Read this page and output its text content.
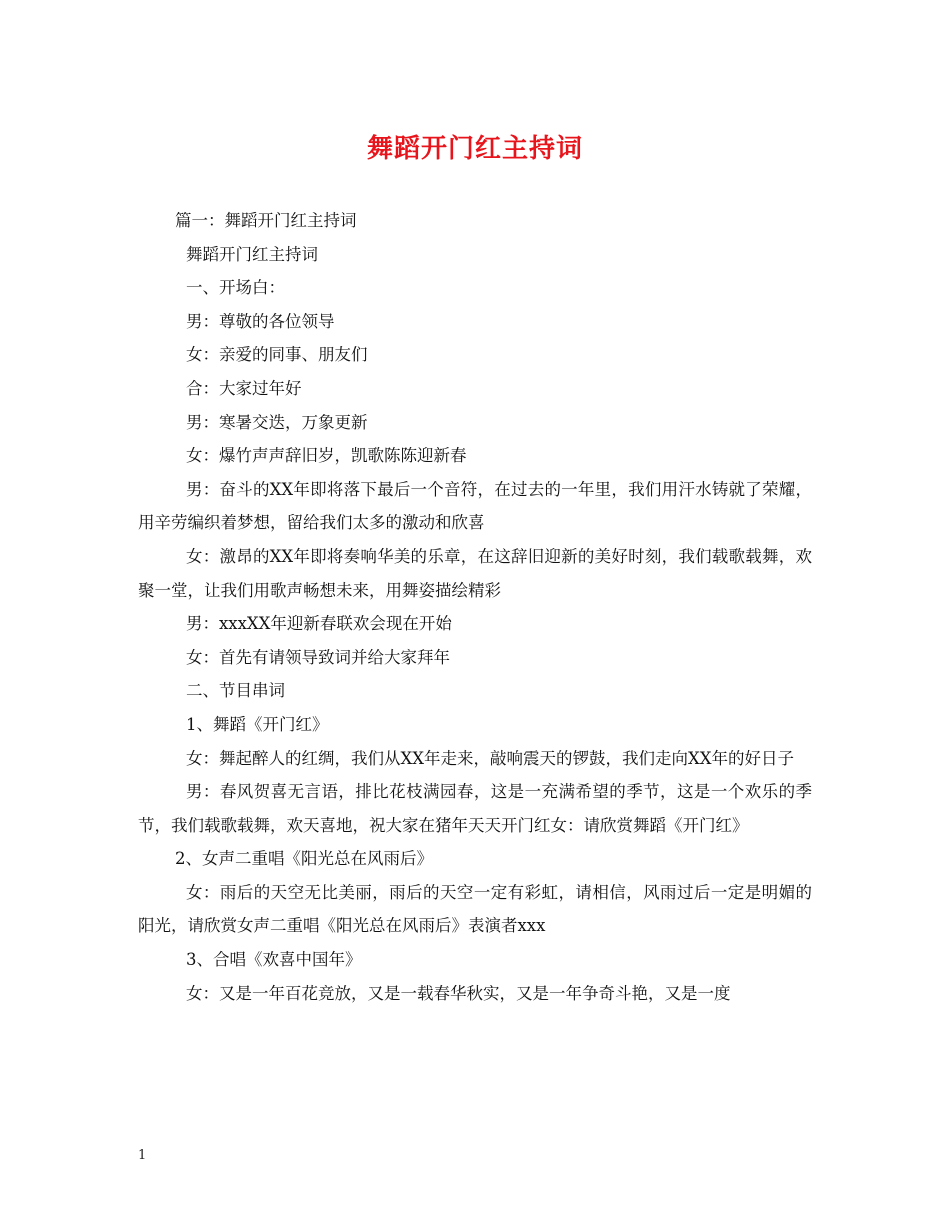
舞蹈开门红主持词

篇一：舞蹈开门红主持词

舞蹈开门红主持词

一、开场白：

男：尊敬的各位领导

女：亲爱的同事、朋友们

合：大家过年好

男：寒暑交迭，万象更新

女：爆竹声声辞旧岁，凯歌陈陈迎新春

男：奋斗的XX年即将落下最后一个音符，在过去的一年里，我们用汗水铸就了荣耀，用辛劳编织着梦想，留给我们太多的激动和欣喜

女：激昂的XX年即将奏响华美的乐章，在这辞旧迎新的美好时刻，我们载歌载舞，欢聚一堂，让我们用歌声畅想未来，用舞姿描绘精彩

男：xxxXX年迎新春联欢会现在开始

女：首先有请领导致词并给大家拜年

二、节目串词

1、舞蹈《开门红》

女：舞起醉人的红绸，我们从XX年走来，敲响震天的锣鼓，我们走向XX年的好日子

男：春风贺喜无言语，排比花枝满园春，这是一充满希望的季节，这是一个欢乐的季节，我们载歌载舞，欢天喜地，祝大家在猪年天天开门红女：请欣赏舞蹈《开门红》

2、女声二重唱《阳光总在风雨后》

女：雨后的天空无比美丽，雨后的天空一定有彩虹，请相信，风雨过后一定是明媚的阳光，请欣赏女声二重唱《阳光总在风雨后》表演者xxx

3、合唱《欢喜中国年》

女：又是一年百花竞放，又是一载春华秋实，又是一年争奇斗艳，又是一度

1
